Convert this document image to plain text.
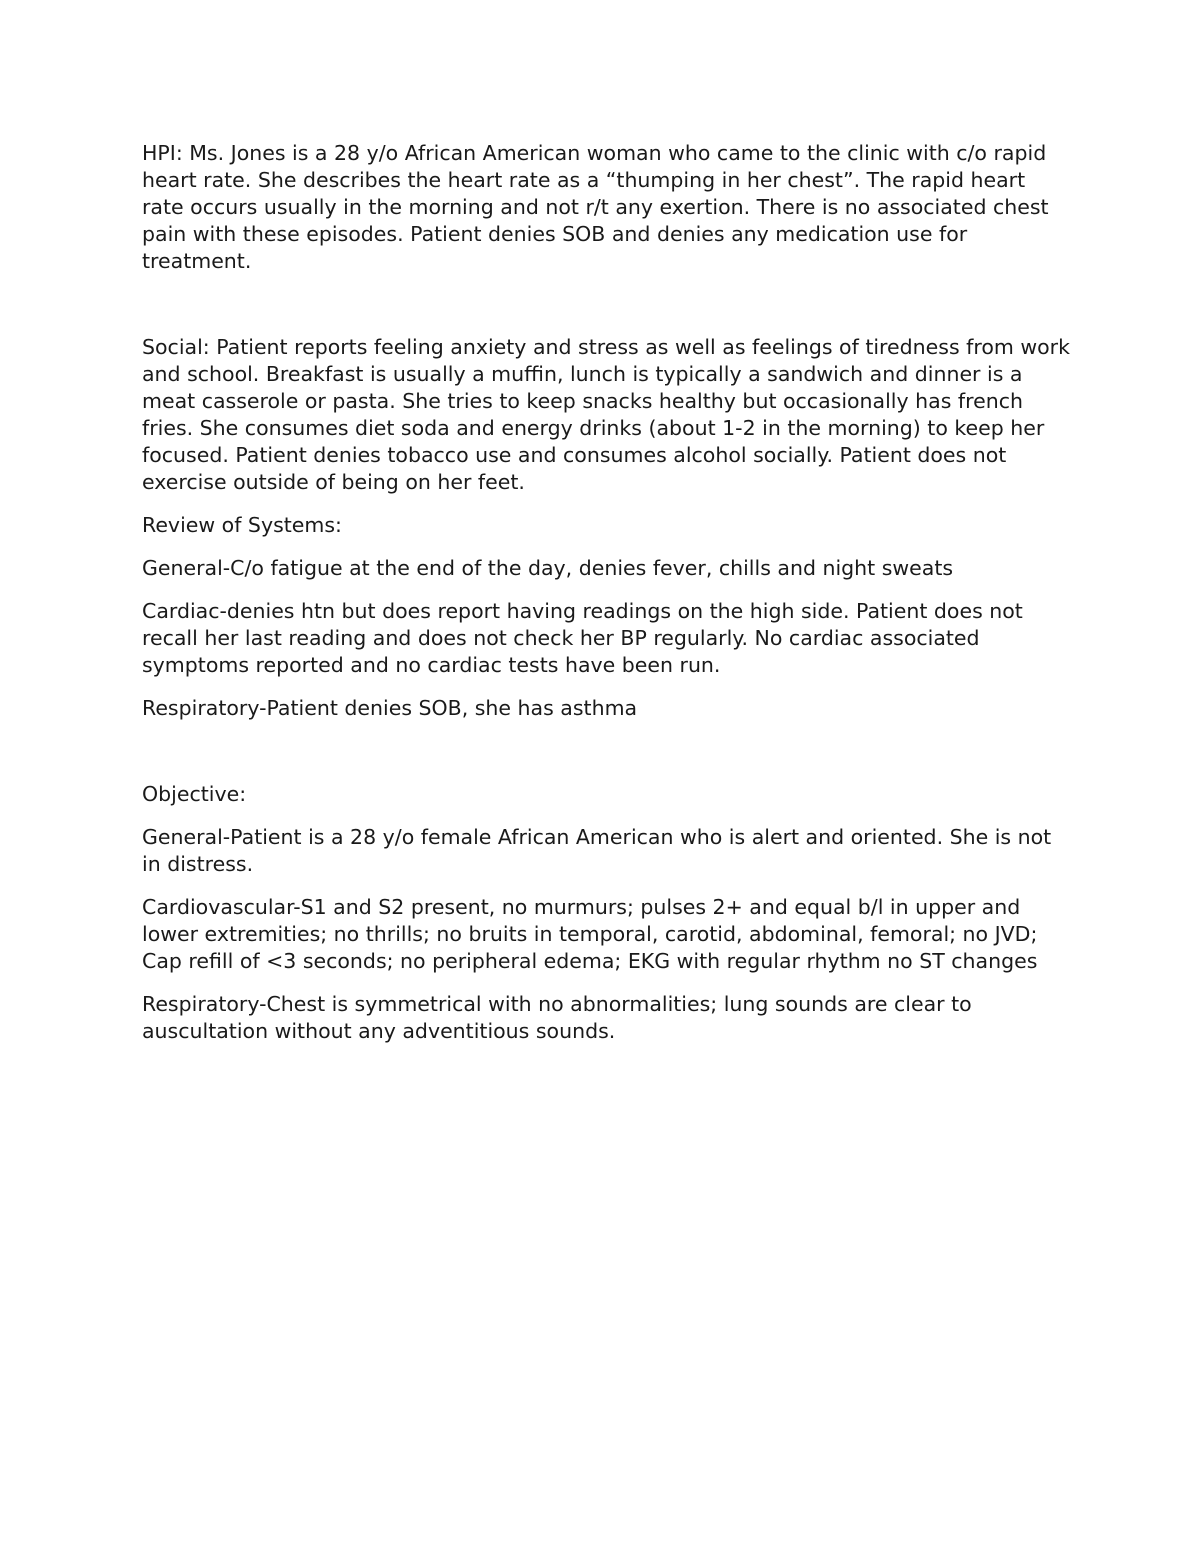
HPI: Ms. Jones is a 28 y/o African American woman who came to the clinic with c/o rapid heart rate. She describes the heart rate as a “thumping in her chest”. The rapid heart rate occurs usually in the morning and not r/t any exertion. There is no associated chest pain with these episodes. Patient denies SOB and denies any medication use for treatment.

Social: Patient reports feeling anxiety and stress as well as feelings of tiredness from work and school. Breakfast is usually a muffin, lunch is typically a sandwich and dinner is a meat casserole or pasta. She tries to keep snacks healthy but occasionally has french fries. She consumes diet soda and energy drinks (about 1-2 in the morning) to keep her focused. Patient denies tobacco use and consumes alcohol socially. Patient does not exercise outside of being on her feet.

Review of Systems:

General-C/o fatigue at the end of the day, denies fever, chills and night sweats

Cardiac-denies htn but does report having readings on the high side. Patient does not recall her last reading and does not check her BP regularly. No cardiac associated symptoms reported and no cardiac tests have been run.

Respiratory-Patient denies SOB, she has asthma

Objective:

General-Patient is a 28 y/o female African American who is alert and oriented. She is not in distress.

Cardiovascular-S1 and S2 present, no murmurs; pulses 2+ and equal b/l in upper and lower extremities; no thrills; no bruits in temporal, carotid, abdominal, femoral; no JVD; Cap refill of <3 seconds; no peripheral edema; EKG with regular rhythm no ST changes

Respiratory-Chest is symmetrical with no abnormalities; lung sounds are clear to auscultation without any adventitious sounds.
